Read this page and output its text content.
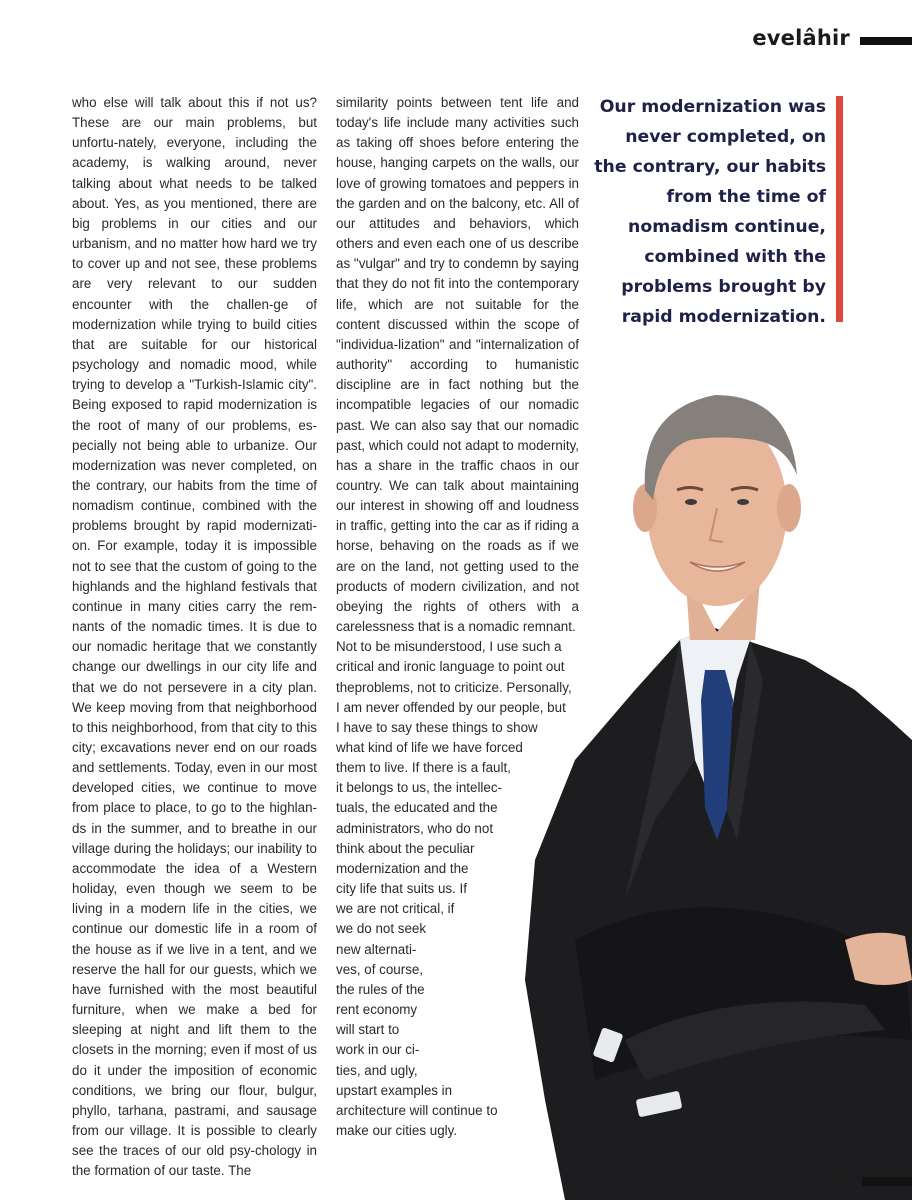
evelâhir

who else will talk about this if not us? These are our main problems, but unfortu-nately, everyone, including the academy, is walking around, never talking about what needs to be talked about. Yes, as you mentioned, there are big problems in our cities and our urbanism, and no matter how hard we try to cover up and not see, these problems are very relevant to our sudden encounter with the challen-ge of modernization while trying to build cities that are suitable for our historical psychology and nomadic mood, while trying to develop a "Turkish-Islamic city". Being exposed to rapid modernization is the root of many of our problems, es-pecially not being able to urbanize. Our modernization was never completed, on the contrary, our habits from the time of nomadism continue, combined with the problems brought by rapid modernizati-on. For example, today it is impossible not to see that the custom of going to the highlands and the highland festivals that continue in many cities carry the rem-nants of the nomadic times. It is due to our nomadic heritage that we constantly change our dwellings in our city life and that we do not persevere in a city plan. We keep moving from that neighborhood to this neighborhood, from that city to this city; excavations never end on our roads and settlements. Today, even in our most developed cities, we continue to move from place to place, to go to the highlan-ds in the summer, and to breathe in our village during the holidays; our inability to accommodate the idea of a Western holiday, even though we seem to be living in a modern life in the cities, we continue our domestic life in a room of the house as if we live in a tent, and we reserve the hall for our guests, which we have furnished with the most beautiful furniture, when we make a bed for sleeping at night and lift them to the closets in the morning; even if most of us do it under the imposition of economic conditions, we bring our flour, bulgur, phyllo, tarhana, pastrami, and sausage from our village. It is possible to clearly see the traces of our old psy-chology in the formation of our taste. The

similarity points between tent life and today's life include many activities such as taking off shoes before entering the house, hanging carpets on the walls, our love of growing tomatoes and peppers in the garden and on the balcony, etc. All of our attitudes and behaviors, which others and even each one of us describe as "vulgar" and try to condemn by saying that they do not fit into the contemporary life, which are not suitable for the content discussed within the scope of "individua-lization" and "internalization of authority" according to humanistic discipline are in fact nothing but the incompatible legacies of our nomadic past. We can also say that our nomadic past, which could not adapt to modernity, has a share in the traffic chaos in our country. We can talk about maintaining our interest in showing off and loudness in traffic, getting into the car as if riding a horse, behaving on the roads as if we are on the land, not getting used to the products of modern civilization, and not obeying the rights of others with a carelessness that is a nomadic remnant.

Not to be misunderstood, I use such a
critical and ironic language to point out
theproblems, not to criticize. Personally,
I am never offended by our people, but
I have to say these things to show
what kind of life we have forced
them to live. If there is a fault,
it belongs to us, the intellec-
tuals, the educated and the
administrators, who do not
think about the peculiar
modernization and the
city life that suits us. If
we are not critical, if
we do not seek
new alternati-
ves, of course,
the rules of the
rent economy
will start to
work in our ci-
ties, and ugly,
upstart examples in
architecture will continue to
make our cities ugly.
Our modernization was never completed, on the contrary, our habits from the time of nomadism continue, combined with the problems brought by rapid modernization.
19
